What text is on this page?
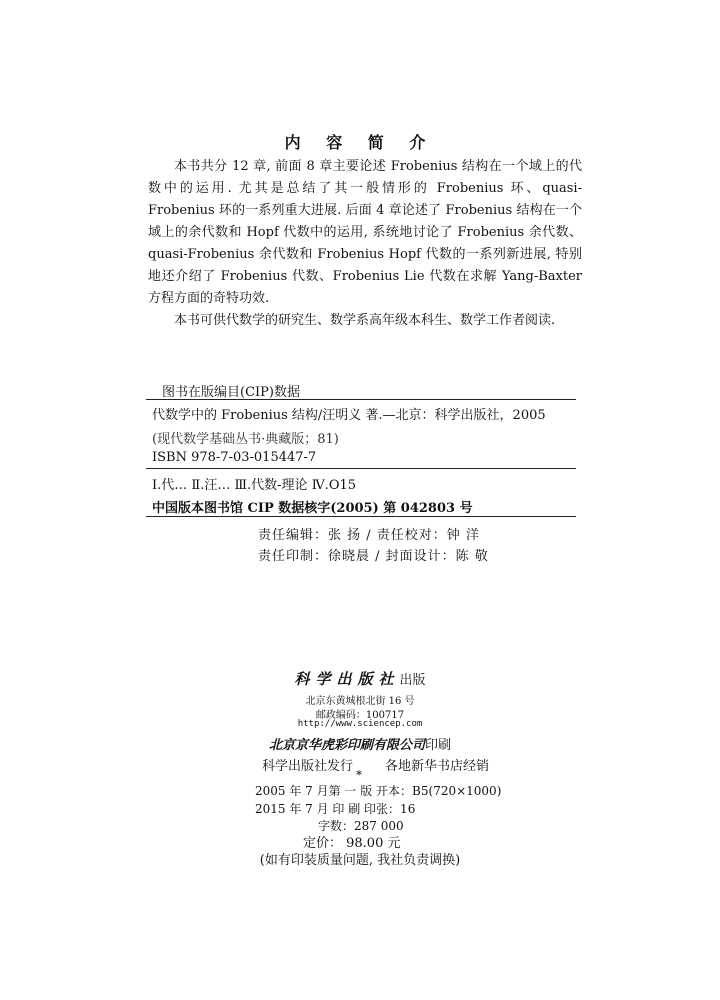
内 容 简 介

本书共分 12 章, 前面 8 章主要论述 Frobenius 结构在一个域上的代数中的运用. 尤其是总结了其一般情形的 Frobenius 环、quasi-Frobenius 环的一系列重大进展. 后面 4 章论述了 Frobenius 结构在一个域上的余代数和 Hopf 代数中的运用, 系统地讨论了 Frobenius 余代数、quasi-Frobenius 余代数和 Frobenius Hopf 代数的一系列新进展, 特别地还介绍了 Frobenius 代数、Frobenius Lie 代数在求解 Yang-Baxter 方程方面的奇特功效.

本书可供代数学的研究生、数学系高年级本科生、数学工作者阅读.

图书在版编目(CIP)数据
代数学中的 Frobenius 结构/汪明义 著.—北京：科学出版社，2005
(现代数学基础丛书·典藏版；81)
ISBN 978-7-03-015447-7
Ⅰ.代… Ⅱ.汪… Ⅲ.代数-理论 Ⅳ.O15
中国版本图书馆 CIP 数据核字(2005) 第 042803 号
责任编辑：张 扬 / 责任校对：钟 洋
责任印制：徐晓晨 / 封面设计：陈 敬
科学出版社出版
北京东黄城根北街 16 号
邮政编码：100717
http://www.sciencep.com
北京京华虎彩印刷有限公司印刷
科学出版社发行 各地新华书店经销
*
2005 年 7 月第 一 版 开本：B5(720×1000)
2015 年 7 月 印 刷 印张：16
字数：287 000
定价： 98.00 元
(如有印装质量问题, 我社负责调换)
